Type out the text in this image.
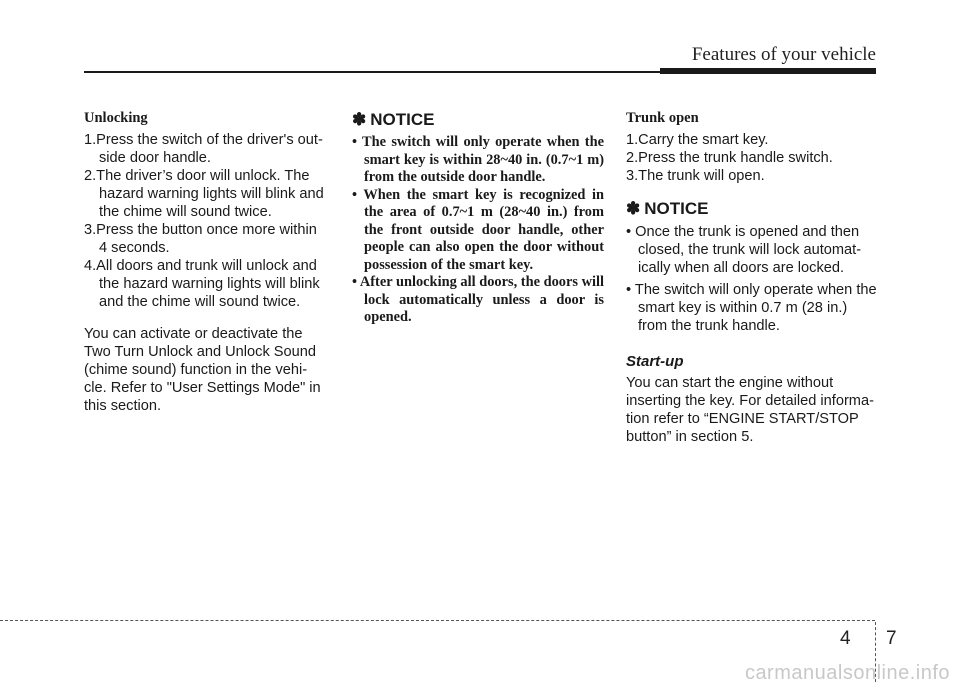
Features of your vehicle
Unlocking
1.Press the switch of the driver's out-side door handle.
2.The driver’s door will unlock. The hazard warning lights will blink and the chime will sound twice.
3.Press the button once more within 4 seconds.
4.All doors and trunk will unlock and the hazard warning lights will blink and the chime will sound twice.

You can activate or deactivate the Two Turn Unlock and Unlock Sound (chime sound) function in the vehi-cle. Refer to "User Settings Mode" in this section.

✽ NOTICE
• The switch will only operate when the smart key is within 28~40 in. (0.7~1 m) from the outside door handle.
• When the smart key is recognized in the area of 0.7~1 m (28~40 in.) from the front outside door handle, other people can also open the door without possession of the smart key.
• After unlocking all doors, the doors will lock automatically unless a door is opened.
Trunk open
1.Carry the smart key.
2.Press the trunk handle switch.
3.The trunk will open.
✽ NOTICE
• Once the trunk is opened and then closed, the trunk will lock automat-ically when all doors are locked.
• The switch will only operate when the smart key is within 0.7 m (28 in.) from the trunk handle.
Start-up

You can start the engine without inserting the key. For detailed informa-tion refer to “ENGINE START/STOP button” in section 5.

4 7
carmanualsonline.info
